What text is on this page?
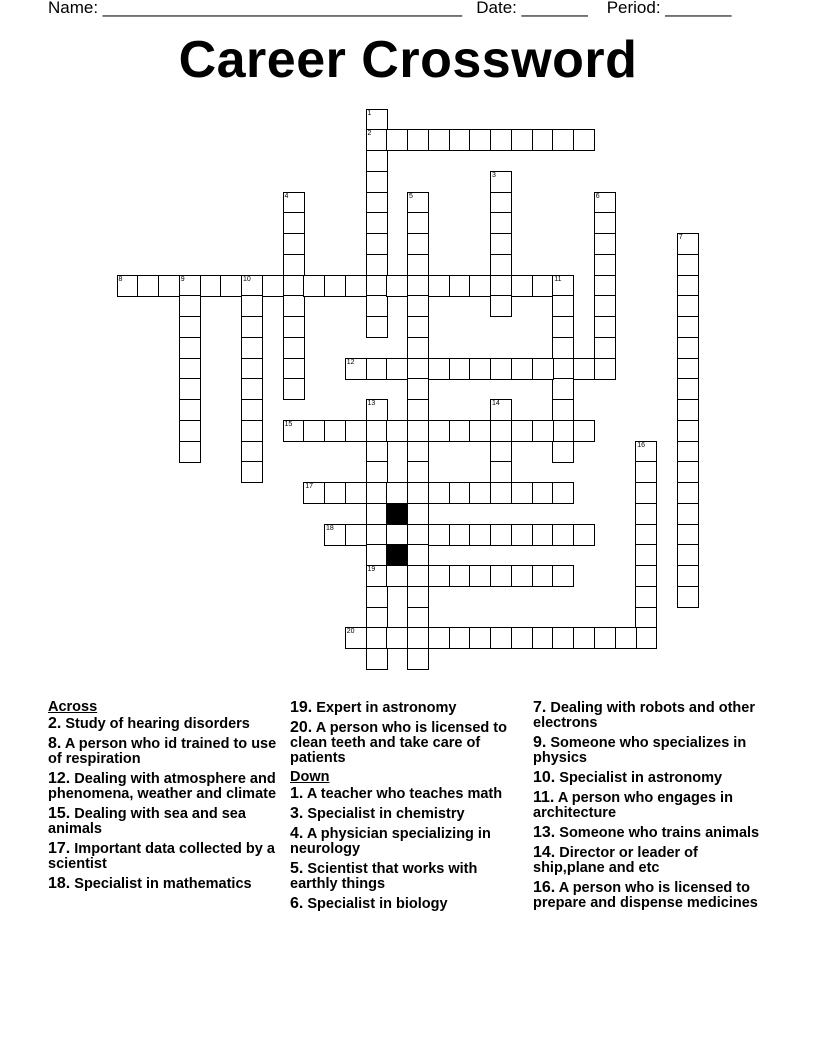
Name: ______________________________________ Date: _______ Period: _______
Career Crossword
1
2
3
4	5	6
7
8	9	10	11
12
13
19
14
15
16
17
18
20
Across
2. Study of hearing disorders
8. A person who id trained to use of respiration
12. Dealing with atmosphere and phenomena, weather and climate
15. Dealing with sea and sea animals
17. Important data collected by a scientist
18. Specialist in mathematics
19. Expert in astronomy
20. A person who is licensed to clean teeth and take care of patients
Down
1. A teacher who teaches math
3. Specialist in chemistry
4. A physician specializing in neurology
5. Scientist that works with earthly things
6. Specialist in biology
7. Dealing with robots and other electrons
9. Someone who specializes in physics
10. Specialist in astronomy
11. A person who engages in architecture
13. Someone who trains animals
14. Director or leader of ship,plane and etc
16. A person who is licensed to prepare and dispense medicines
